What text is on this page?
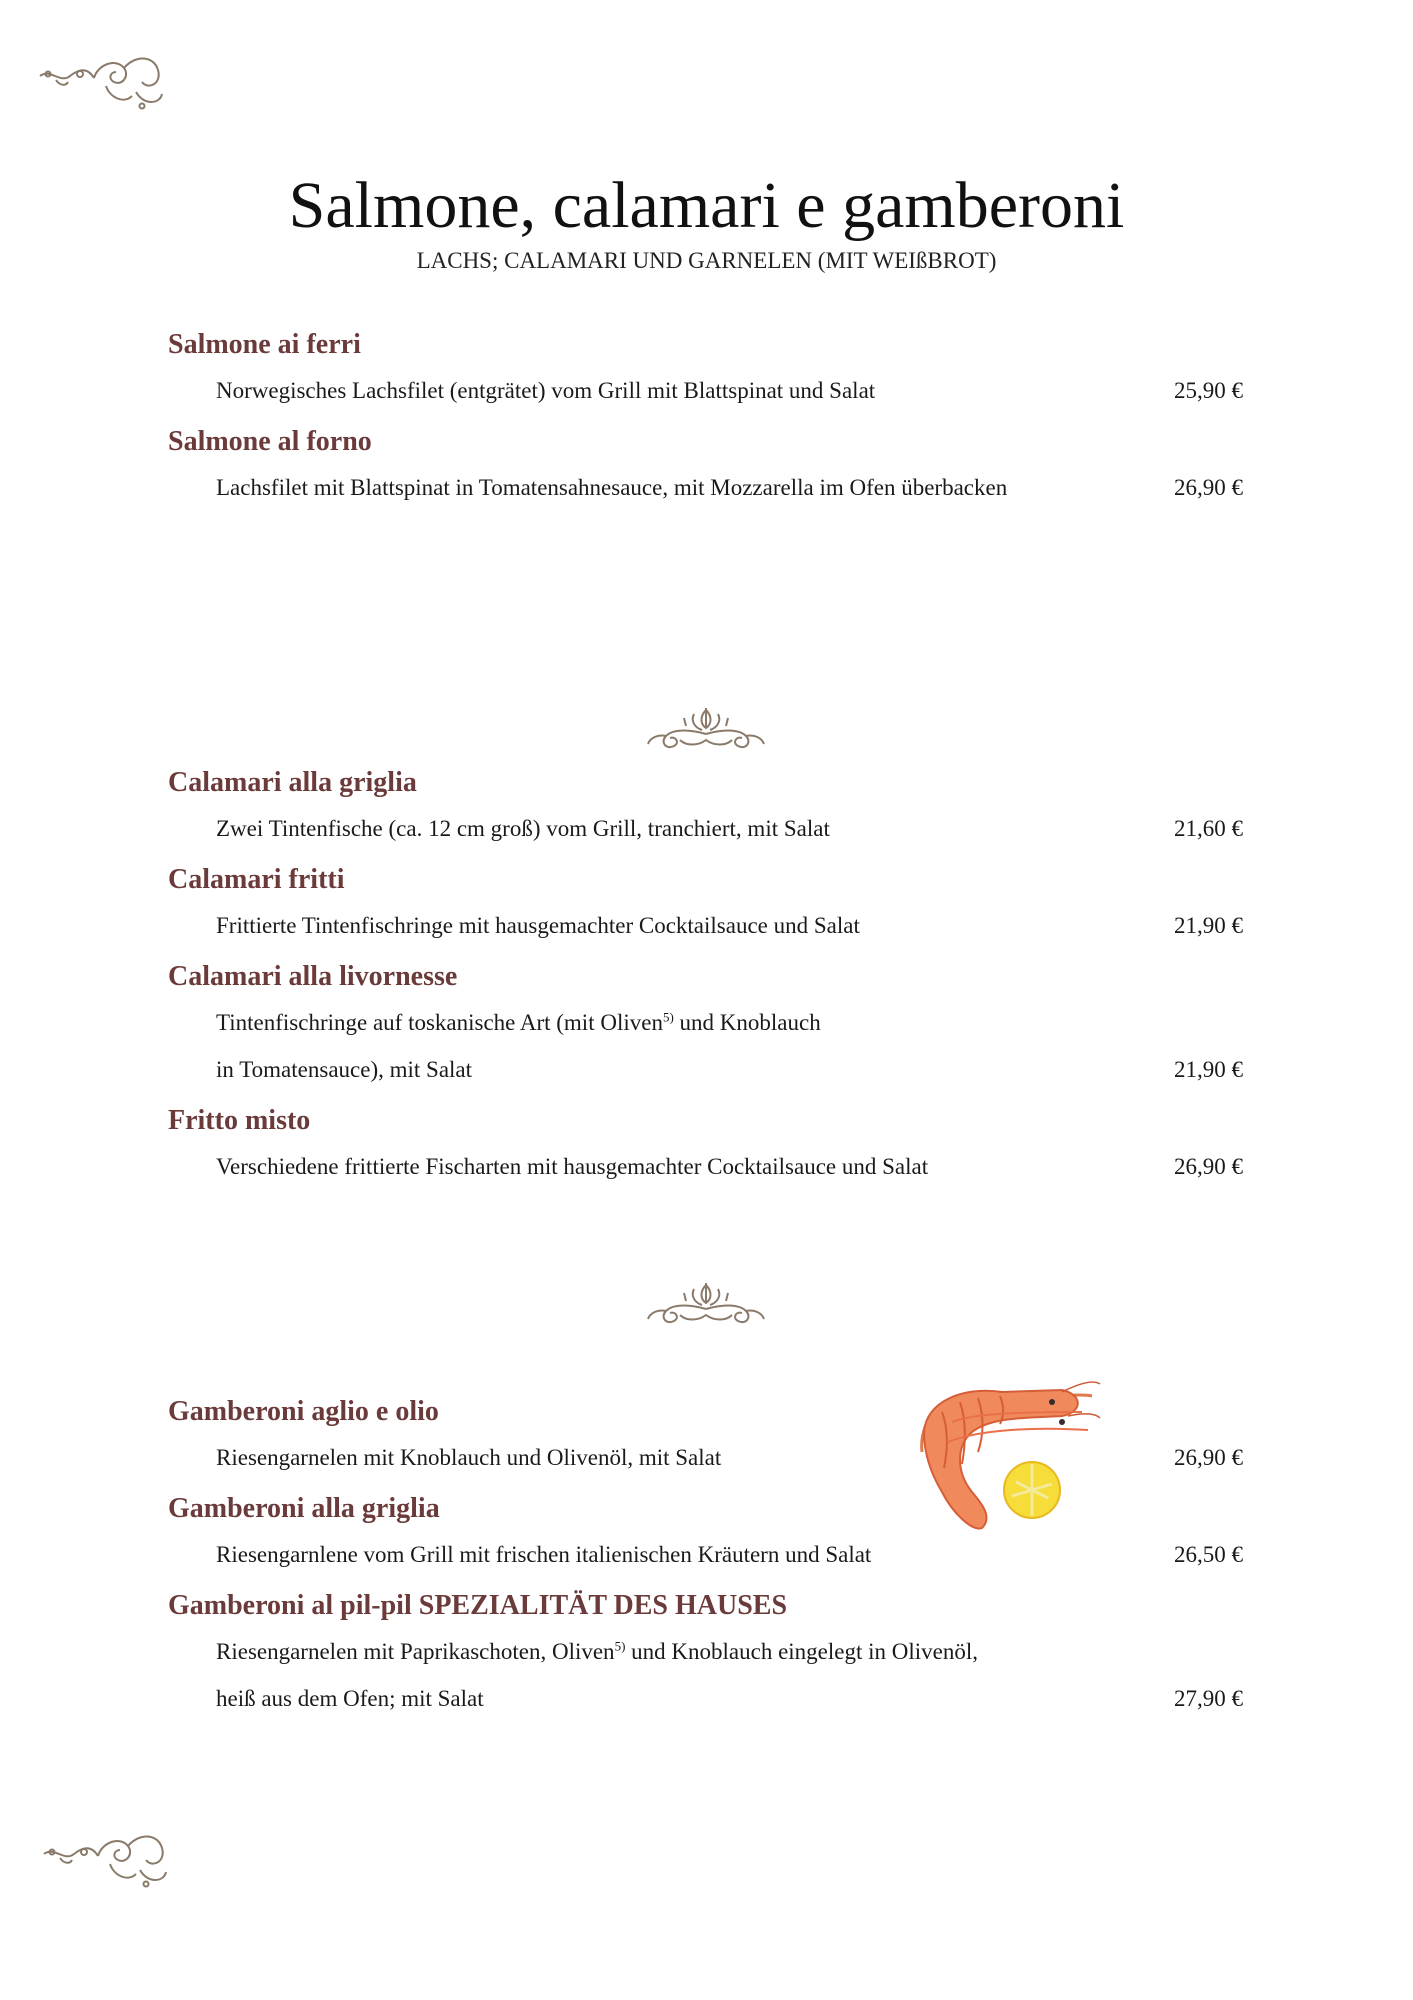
Salmone, calamari e gamberoni
LACHS; CALAMARI UND GARNELEN (MIT WEIßBROT)
Salmone ai ferri
Norwegisches Lachsfilet (entgrätet) vom Grill mit Blattspinat und Salat	25,90 €
Salmone al forno
Lachsfilet mit Blattspinat in Tomatensahnesauce, mit Mozzarella im Ofen überbacken	26,90 €
Calamari alla griglia
Zwei Tintenfische (ca. 12 cm groß) vom Grill, tranchiert, mit Salat	21,60 €
Calamari fritti
Frittierte Tintenfischringe mit hausgemachter Cocktailsauce und Salat	21,90 €
Calamari alla livornesse
Tintenfischringe auf toskanische Art (mit Oliven$^{5)}$ und Knoblauch
in Tomatensauce), mit Salat	21,90 €
Fritto misto
Verschiedene frittierte Fischarten mit hausgemachter Cocktailsauce und Salat	26,90 €
Gamberoni aglio e olio
Riesengarnelen mit Knoblauch und Olivenöl, mit Salat	26,90 €
Gamberoni alla griglia
Riesengarnlene vom Grill mit frischen italienischen Kräutern und Salat	26,50 €
Gamberoni al pil-pil SPEZIALITÄT DES HAUSES
Riesengarnelen mit Paprikaschoten, Oliven$^{5)}$ und Knoblauch eingelegt in Olivenöl,
heiß aus dem Ofen; mit Salat	27,90 €
